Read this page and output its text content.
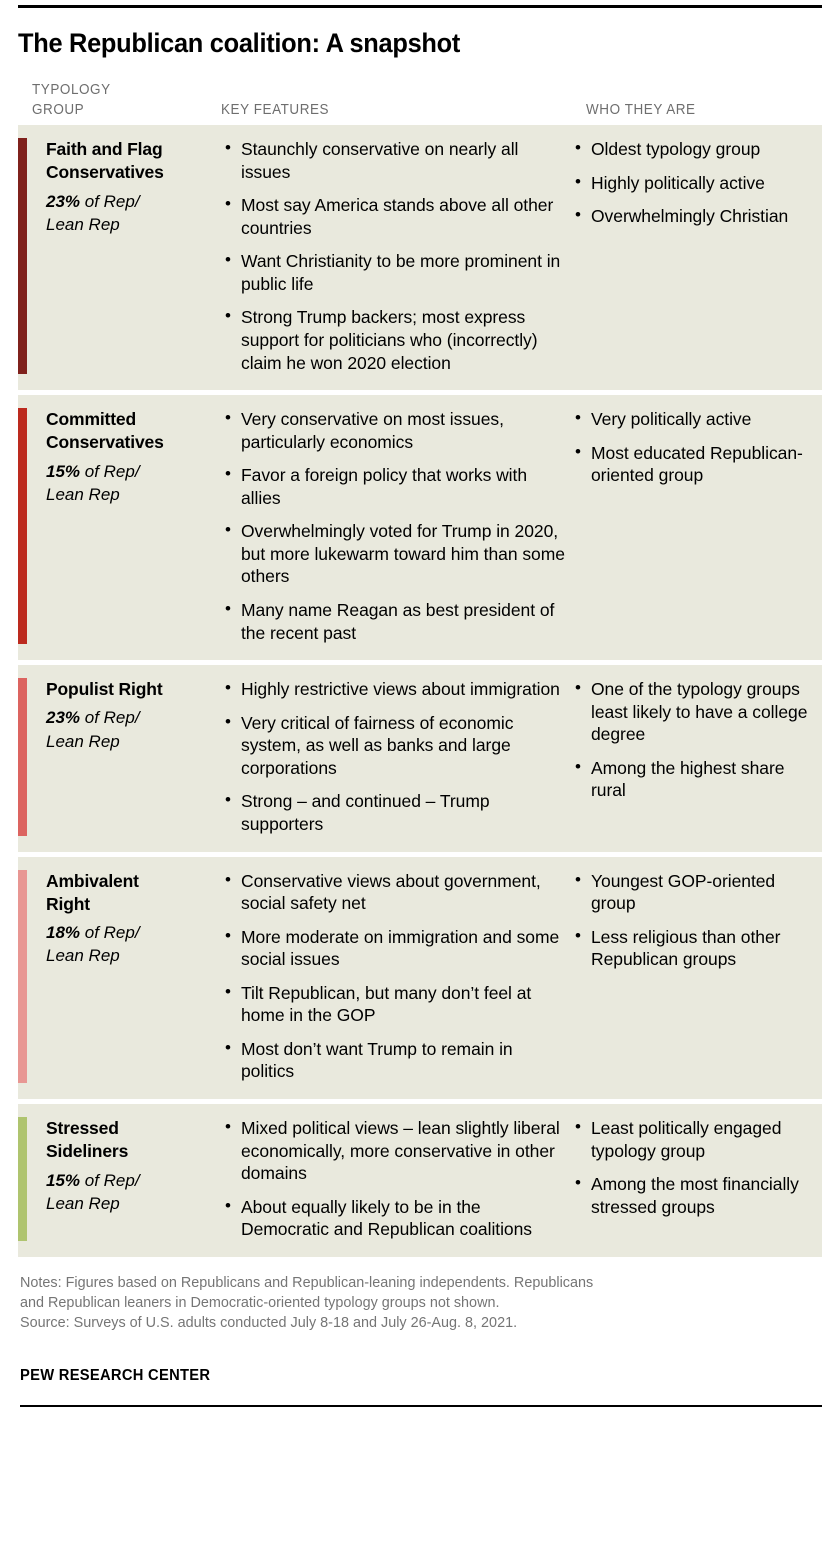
The Republican coalition: A snapshot
TYPOLOGY
GROUP	KEY FEATURES	WHO THEY ARE
Faith and Flag
Conservatives
23% of Rep/
Lean Rep
• Staunchly conservative on nearly all issues
• Most say America stands above all other countries
• Want Christianity to be more prominent in public life
• Strong Trump backers; most express support for politicians who (incorrectly) claim he won 2020 election
• Oldest typology group
• Highly politically active
• Overwhelmingly Christian
Committed
Conservatives
15% of Rep/
Lean Rep
• Very conservative on most issues, particularly economics
• Favor a foreign policy that works with allies
• Overwhelmingly voted for Trump in 2020, but more lukewarm toward him than some others
• Many name Reagan as best president of the recent past
• Very politically active
• Most educated Republican-oriented group
Populist Right
23% of Rep/
Lean Rep
• Highly restrictive views about immigration
• Very critical of fairness of economic system, as well as banks and large corporations
• Strong – and continued – Trump supporters
• One of the typology groups least likely to have a college degree
• Among the highest share rural
Ambivalent
Right
18% of Rep/
Lean Rep
• Conservative views about government, social safety net
• More moderate on immigration and some social issues
• Tilt Republican, but many don’t feel at home in the GOP
• Most don’t want Trump to remain in politics
• Youngest GOP-oriented group
• Less religious than other Republican groups
Stressed
Sideliners
15% of Rep/
Lean Rep
• Mixed political views – lean slightly liberal economically, more conservative in other domains
• About equally likely to be in the Democratic and Republican coalitions
• Least politically engaged typology group
• Among the most financially stressed groups
Notes: Figures based on Republicans and Republican-leaning independents. Republicans
and Republican leaners in Democratic-oriented typology groups not shown.
Source: Surveys of U.S. adults conducted July 8-18 and July 26-Aug. 8, 2021.
PEW RESEARCH CENTER
